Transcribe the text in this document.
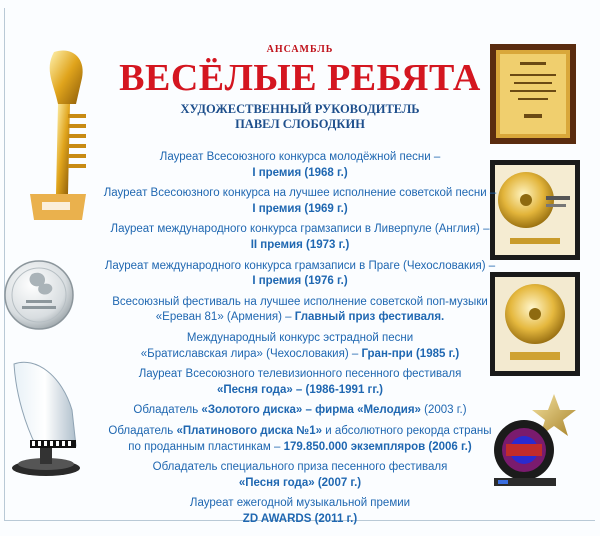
АНСАМБЛЬ
ВЕСЁЛЫЕ РЕБЯТА
ХУДОЖЕСТВЕННЫЙ РУКОВОДИТЕЛЬ
ПАВЕЛ СЛОБОДКИН
Лауреат Всесоюзного конкурса молодёжной песни –
I премия (1968 г.)
Лауреат Всесоюзного конкурса на лучшее исполнение советской песни –
I премия (1969 г.)
Лауреат международного конкурса грамзаписи в Ливерпуле (Англия) –
II премия (1973 г.)
Лауреат международного конкурса грамзаписи в Праге (Чехословакия) –
I премия (1976 г.)
Всесоюзный фестиваль на лучшее исполнение советской поп-музыки
«Ереван 81» (Армения) – Главный приз фестиваля.
Международный конкурс эстрадной песни
«Братиславская лира» (Чехословакия) – Гран-при (1985 г.)
Лауреат Всесоюзного телевизионного песенного фестиваля
«Песня года» – (1986-1991 гг.)
Обладатель «Золотого диска» – фирма «Мелодия» (2003 г.)
Обладатель «Платинового диска №1» и абсолютного рекорда страны
по проданным пластинкам – 179.850.000 экземпляров (2006 г.)
Обладатель специального приза песенного фестиваля
«Песня года» (2007 г.)
Лауреат ежегодной музыкальной премии
ZD AWARDS (2011 г.)
